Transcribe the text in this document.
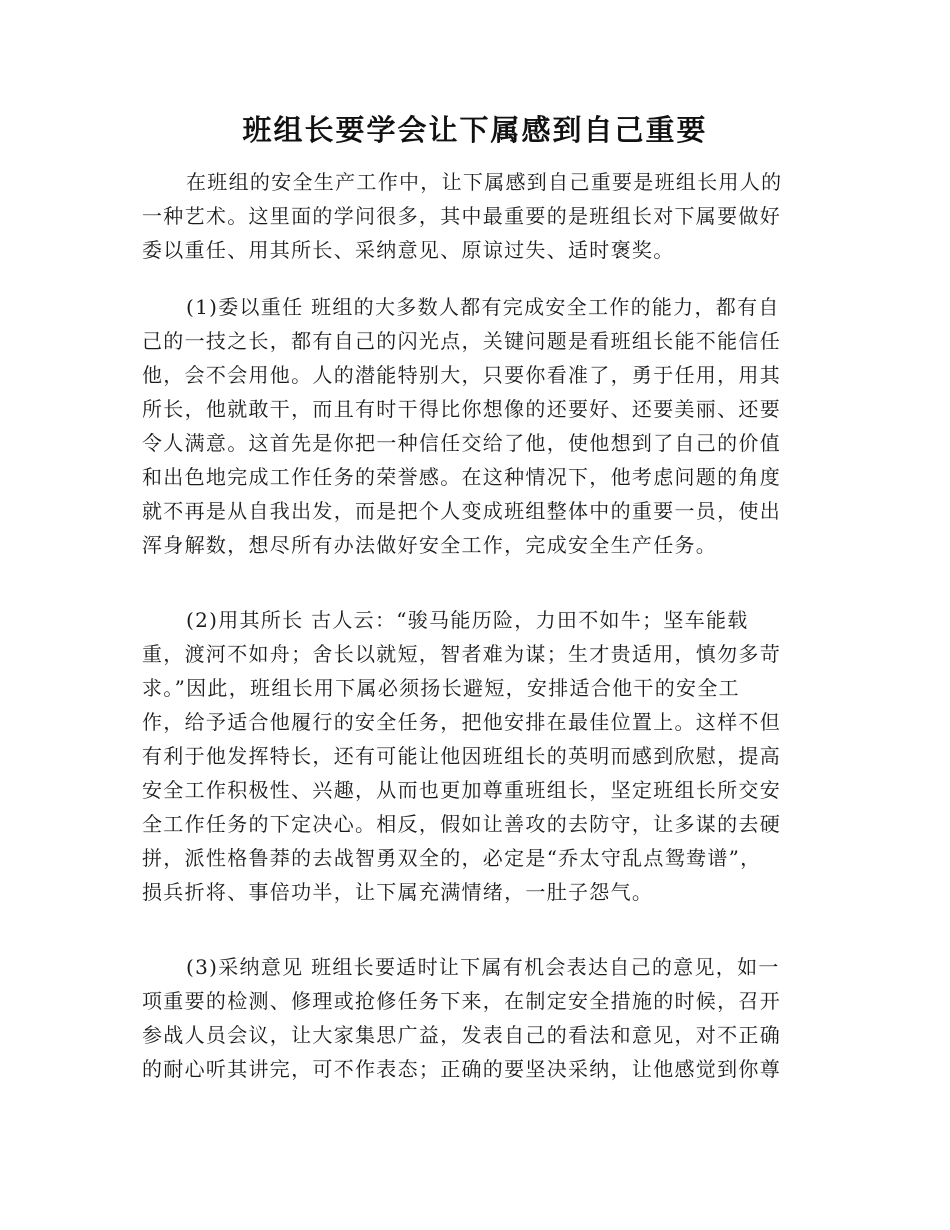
班组长要学会让下属感到自己重要
在班组的安全生产工作中，让下属感到自己重要是班组长用人的
一种艺术。这里面的学问很多，其中最重要的是班组长对下属要做好
委以重任、用其所长、采纳意见、原谅过失、适时褒奖。
(1)委以重任 班组的大多数人都有完成安全工作的能力，都有自
己的一技之长，都有自己的闪光点，关键问题是看班组长能不能信任
他，会不会用他。人的潜能特别大，只要你看准了，勇于任用，用其
所长，他就敢干，而且有时干得比你想像的还要好、还要美丽、还要
令人满意。这首先是你把一种信任交给了他，使他想到了自己的价值
和出色地完成工作任务的荣誉感。在这种情况下，他考虑问题的角度
就不再是从自我出发，而是把个人变成班组整体中的重要一员，使出
浑身解数，想尽所有办法做好安全工作，完成安全生产任务。
(2)用其所长 古人云：“骏马能历险，力田不如牛；坚车能载
重，渡河不如舟；舍长以就短，智者难为谋；生才贵适用，慎勿多苛
求。”因此，班组长用下属必须扬长避短，安排适合他干的安全工
作，给予适合他履行的安全任务，把他安排在最佳位置上。这样不但
有利于他发挥特长，还有可能让他因班组长的英明而感到欣慰，提高
安全工作积极性、兴趣，从而也更加尊重班组长，坚定班组长所交安
全工作任务的下定决心。相反，假如让善攻的去防守，让多谋的去硬
拼，派性格鲁莽的去战智勇双全的，必定是“乔太守乱点鸳鸯谱”，
损兵折将、事倍功半，让下属充满情绪，一肚子怨气。
(3)采纳意见 班组长要适时让下属有机会表达自己的意见，如一
项重要的检测、修理或抢修任务下来，在制定安全措施的时候，召开
参战人员会议，让大家集思广益，发表自己的看法和意见，对不正确
的耐心听其讲完，可不作表态；正确的要坚决采纳，让他感觉到你尊
